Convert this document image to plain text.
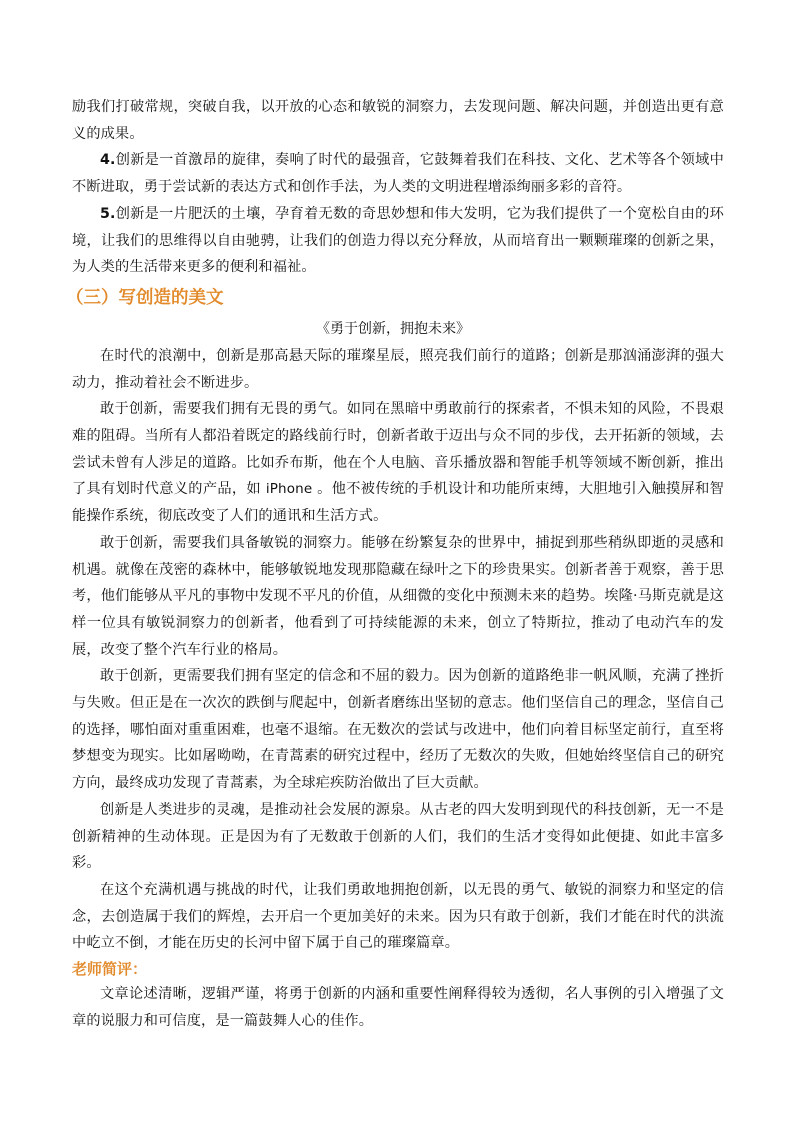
励我们打破常规，突破自我，以开放的心态和敏锐的洞察力，去发现问题、解决问题，并创造出更有意义的成果。

4.创新是一首激昂的旋律，奏响了时代的最强音，它鼓舞着我们在科技、文化、艺术等各个领域中不断进取，勇于尝试新的表达方式和创作手法，为人类的文明进程增添绚丽多彩的音符。

5.创新是一片肥沃的土壤，孕育着无数的奇思妙想和伟大发明，它为我们提供了一个宽松自由的环境，让我们的思维得以自由驰骋，让我们的创造力得以充分释放，从而培育出一颗颗璀璨的创新之果，为人类的生活带来更多的便利和福祉。

（三）写创造的美文
《勇于创新，拥抱未来》

在时代的浪潮中，创新是那高悬天际的璀璨星辰，照亮我们前行的道路；创新是那汹涌澎湃的强大动力，推动着社会不断进步。

敢于创新，需要我们拥有无畏的勇气。如同在黑暗中勇敢前行的探索者，不惧未知的风险，不畏艰难的阻碍。当所有人都沿着既定的路线前行时，创新者敢于迈出与众不同的步伐，去开拓新的领域，去尝试未曾有人涉足的道路。比如乔布斯，他在个人电脑、音乐播放器和智能手机等领域不断创新，推出了具有划时代意义的产品，如 iPhone 。他不被传统的手机设计和功能所束缚，大胆地引入触摸屏和智能操作系统，彻底改变了人们的通讯和生活方式。

敢于创新，需要我们具备敏锐的洞察力。能够在纷繁复杂的世界中，捕捉到那些稍纵即逝的灵感和机遇。就像在茂密的森林中，能够敏锐地发现那隐藏在绿叶之下的珍贵果实。创新者善于观察，善于思考，他们能够从平凡的事物中发现不平凡的价值，从细微的变化中预测未来的趋势。埃隆·马斯克就是这样一位具有敏锐洞察力的创新者，他看到了可持续能源的未来，创立了特斯拉，推动了电动汽车的发展，改变了整个汽车行业的格局。

敢于创新，更需要我们拥有坚定的信念和不屈的毅力。因为创新的道路绝非一帆风顺，充满了挫折与失败。但正是在一次次的跌倒与爬起中，创新者磨练出坚韧的意志。他们坚信自己的理念，坚信自己的选择，哪怕面对重重困难，也毫不退缩。在无数次的尝试与改进中，他们向着目标坚定前行，直至将梦想变为现实。比如屠呦呦，在青蒿素的研究过程中，经历了无数次的失败，但她始终坚信自己的研究方向，最终成功发现了青蒿素，为全球疟疾防治做出了巨大贡献。

创新是人类进步的灵魂，是推动社会发展的源泉。从古老的四大发明到现代的科技创新，无一不是创新精神的生动体现。正是因为有了无数敢于创新的人们，我们的生活才变得如此便捷、如此丰富多彩。

在这个充满机遇与挑战的时代，让我们勇敢地拥抱创新，以无畏的勇气、敏锐的洞察力和坚定的信念，去创造属于我们的辉煌，去开启一个更加美好的未来。因为只有敢于创新，我们才能在时代的洪流中屹立不倒，才能在历史的长河中留下属于自己的璀璨篇章。

老师简评：

文章论述清晰，逻辑严谨，将勇于创新的内涵和重要性阐释得较为透彻，名人事例的引入增强了文章的说服力和可信度，是一篇鼓舞人心的佳作。
